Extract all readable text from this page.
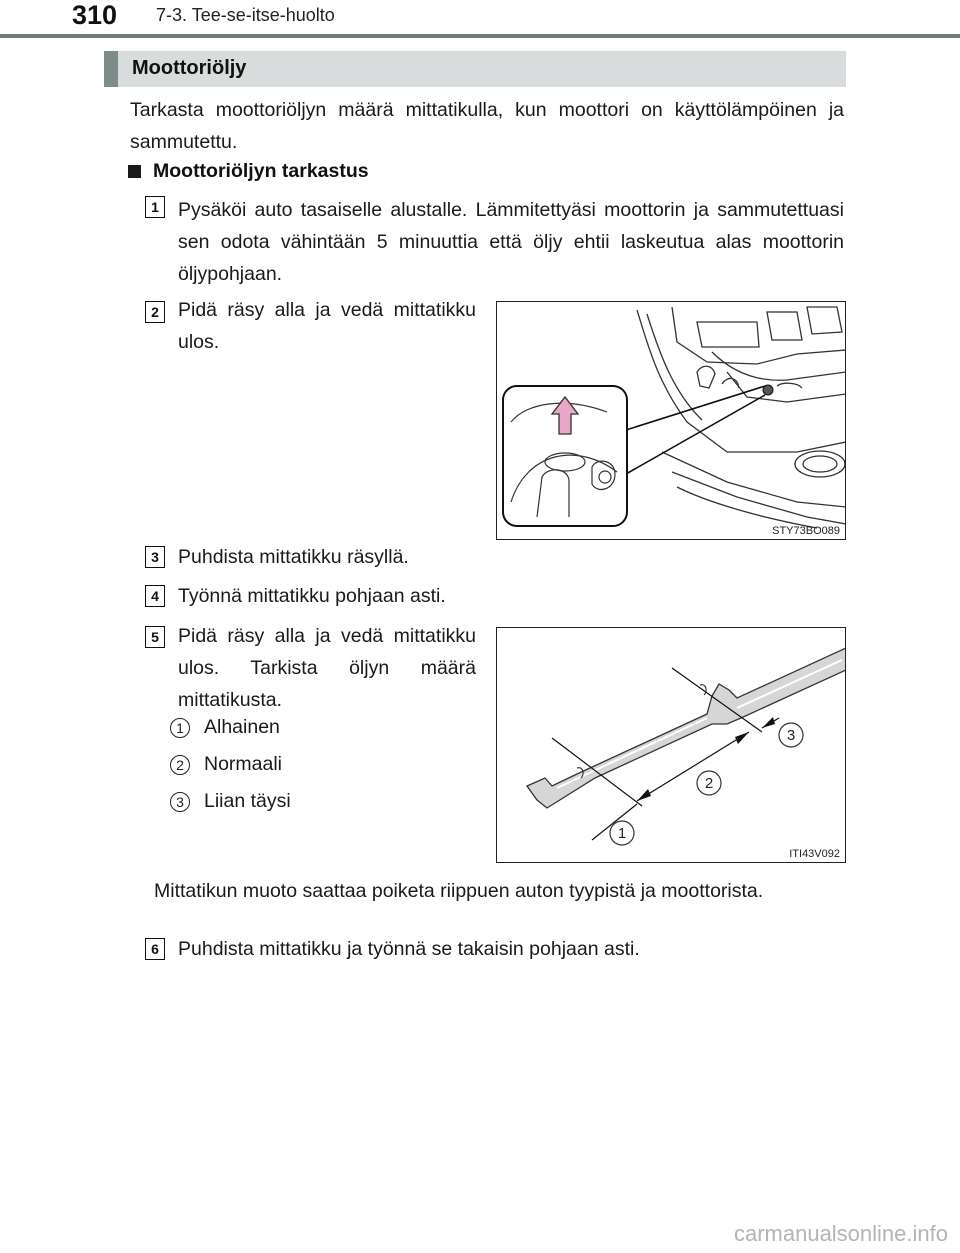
310 7-3. Tee-se-itse-huolto
Moottoriöljy
Tarkasta moottoriöljyn määrä mittatikulla, kun moottori on käyttölämpöinen ja sammutettu.
Moottoriöljyn tarkastus
1 Pysäköi auto tasaiselle alustalle. Lämmitettyäsi moottorin ja sammutettuasi sen odota vähintään 5 minuuttia että öljy ehtii laskeutua alas moottorin öljypohjaan.
2 Pidä räsy alla ja vedä mittatikku ulos.
STY73BO089
3 Puhdista mittatikku räsyllä.
4 Työnnä mittatikku pohjaan asti.
5 Pidä räsy alla ja vedä mittatikku ulos. Tarkista öljyn määrä mittatikusta.
1	Alhainen
2	Normaali
3	Liian täysi
1
2
3
ITI43V092
Mittatikun muoto saattaa poiketa riippuen auton tyypistä ja moottorista.
6 Puhdista mittatikku ja työnnä se takaisin pohjaan asti.
carmanualsonline.info
